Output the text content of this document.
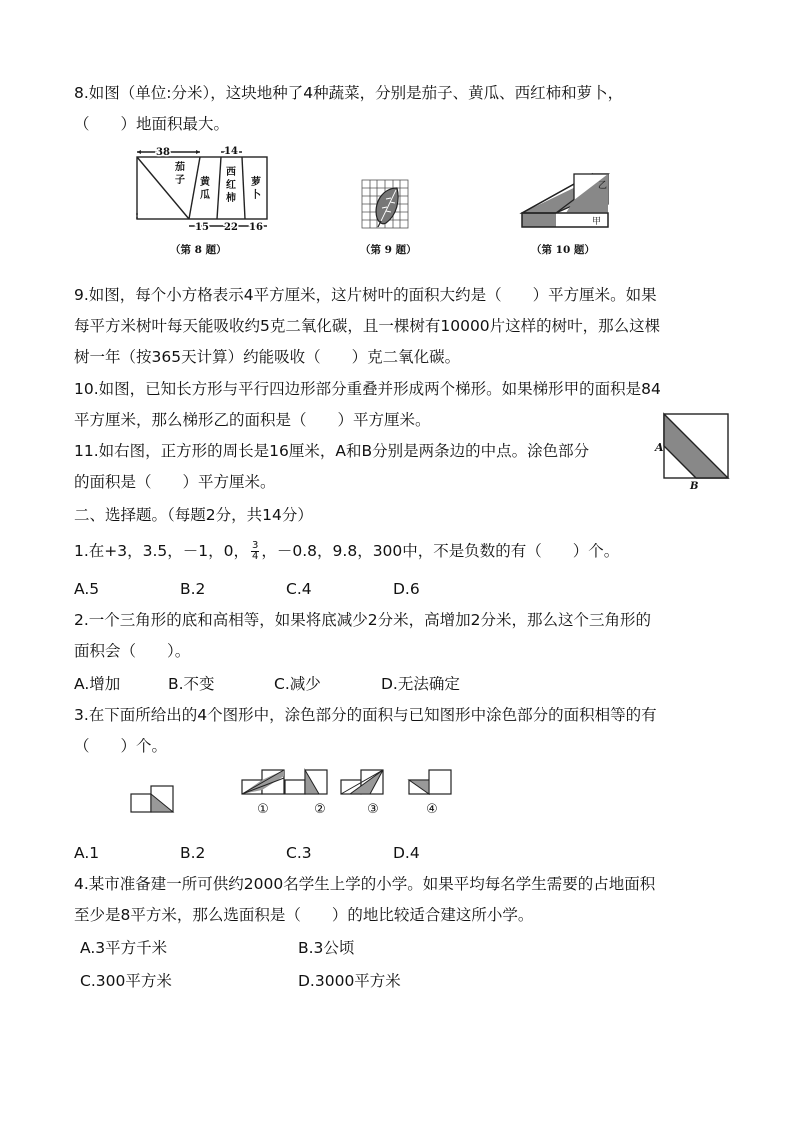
8.如图（单位:分米），这块地种了4种蔬菜，分别是茄子、黄瓜、西红柿和萝卜，
（　　）地面积最大。
38	14
茄
子 黄
瓜
西
红
柿
萝
卜
15 22 16
（第 8 题）	（第 9 题）
乙
甲
（第 10 题）
9.如图，每个小方格表示4平方厘米，这片树叶的面积大约是（　　）平方厘米。如果
每平方米树叶每天能吸收约5克二氧化碳，且一棵树有10000片这样的树叶，那么这棵
树一年（按365天计算）约能吸收（　　）克二氧化碳。
10.如图，已知长方形与平行四边形部分重叠并形成两个梯形。如果梯形甲的面积是84
平方厘米，那么梯形乙的面积是（　　）平方厘米。
11.如右图，正方形的周长是16厘米，A和B分别是两条边的中点。涂色部分
的面积是（　　）平方厘米。
A
B
二、选择题。（每题2分，共14分）
1.在+3，3.5，－1，0， $\frac{3}{4}$ ，－0.8，9.8，300中，不是负数的有（　　）个。
A.5	B.2	C.4	D.6
2.一个三角形的底和高相等，如果将底减少2分米，高增加2分米，那么这个三角形的
面积会（　　）。
A.增加	B.不变	C.减少	D.无法确定
3.在下面所给出的4个图形中，涂色部分的面积与已知图形中涂色部分的面积相等的有
（　　）个。
①	②	③	④
A.1	B.2	C.3	D.4
4.某市准备建一所可供约2000名学生上学的小学。如果平均每名学生需要的占地面积
至少是8平方米，那么选面积是（　　）的地比较适合建这所小学。
A.3平方千米	B.3公顷
C.300平方米	D.3000平方米
